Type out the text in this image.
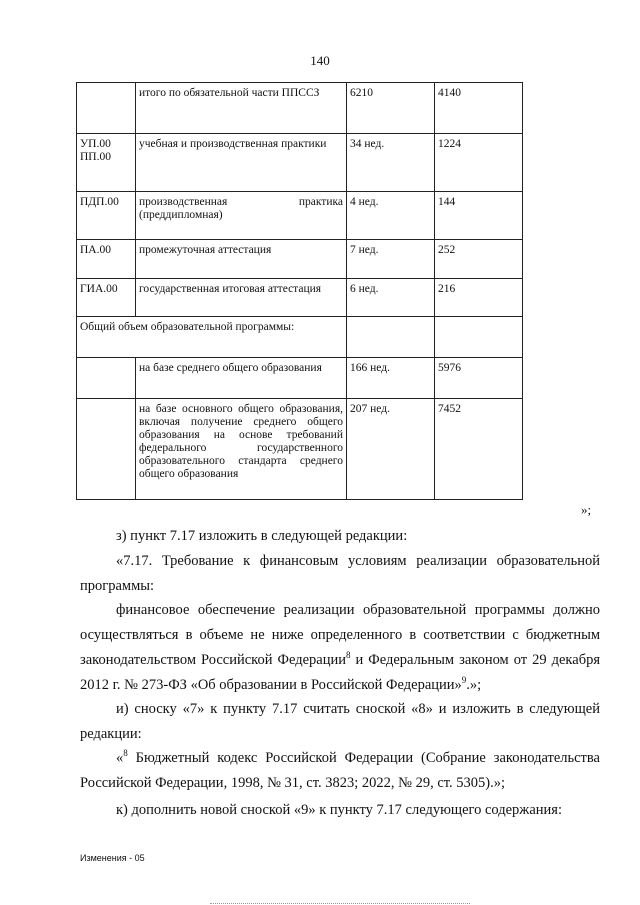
140
	итого по обязательной части ППССЗ	6210	4140
УП.00 ПП.00	учебная и производственная практики	34 нед.	1224
ПДП.00	производственная практика (преддипломная)	4 нед.	144
ПА.00	промежуточная аттестация	7 нед.	252
ГИА.00	государственная итоговая аттестация	6 нед.	216
Общий объем образовательной программы:			
	на базе среднего общего образования	166 нед.	5976
	на базе основного общего образования, включая получение среднего общего образования на основе требований федерального государственного образовательного стандарта среднего общего образования	207 нед.	7452
»;
з) пункт 7.17 изложить в следующей редакции:
«7.17. Требование к финансовым условиям реализации образовательной программы:
финансовое обеспечение реализации образовательной программы должно осуществляться в объеме не ниже определенного в соответствии с бюджетным законодательством Российской Федерации$^8$ и Федеральным законом от 29 декабря 2012 г. № 273-ФЗ «Об образовании в Российской Федерации»$^9$.»;
и) сноску «7» к пункту 7.17 считать сноской «8» и изложить в следующей редакции:
«$^8$ Бюджетный кодекс Российской Федерации (Собрание законодательства Российской Федерации, 1998, № 31, ст. 3823; 2022, № 29, ст. 5305).»;
к) дополнить новой сноской «9» к пункту 7.17 следующего содержания:
Изменения - 05
